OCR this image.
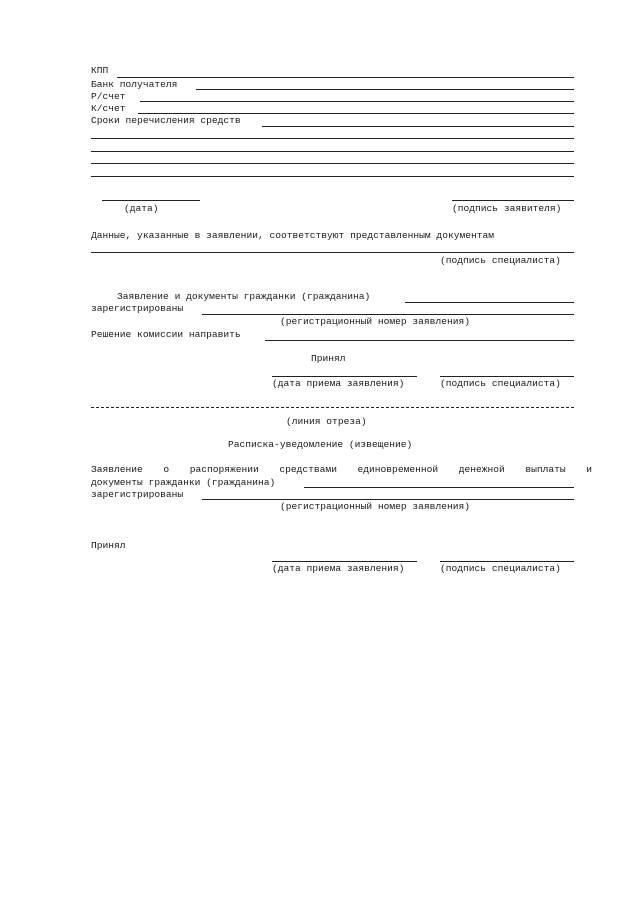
КПП
Банк получателя
Р/счет
К/счет
Сроки перечисления средств
(дата)	(подпись заявителя)
Данные, указанные в заявлении, соответствуют представленным документам
(подпись специалиста)
Заявление и документы гражданки (гражданина)
зарегистрированы
(регистрационный номер заявления)
Решение комиссии направить
Принял
(дата приема заявления)	(подпись специалиста)
(линия отреза)
Расписка-уведомление (извещение)
Заявление о распоряжении средствами единовременной денежной выплаты и
документы гражданки (гражданина)
зарегистрированы
(регистрационный номер заявления)
Принял
(дата приема заявления)	(подпись специалиста)
